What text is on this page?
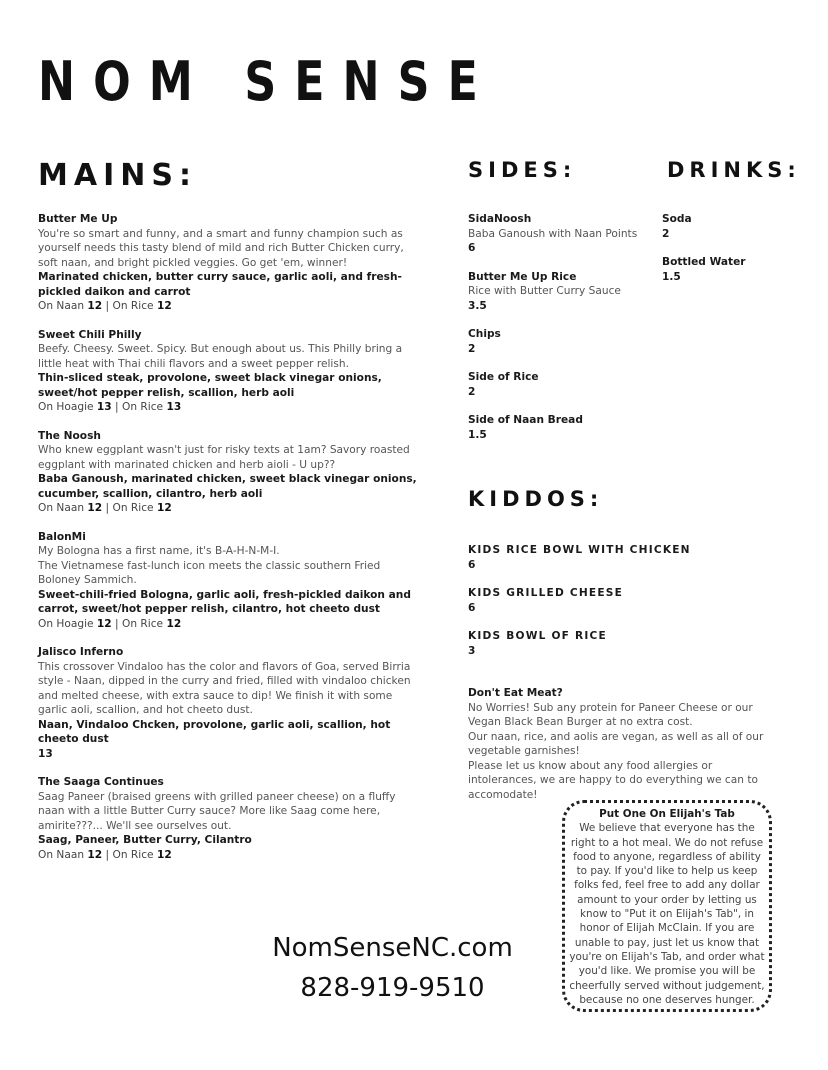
NOM SENSE
MAINS:	SIDES:	DRINKS:
KIDDOS:
Butter Me Up
You're so smart and funny, and a smart and funny champion such as yourself needs this tasty blend of mild and rich Butter Chicken curry, soft naan, and bright pickled veggies. Go get 'em, winner!
Marinated chicken, butter curry sauce, garlic aoli, and fresh-pickled daikon and carrot
On Naan 12 | On Rice 12
Sweet Chili Philly
Beefy. Cheesy. Sweet. Spicy. But enough about us. This Philly bring a little heat with Thai chili flavors and a sweet pepper relish.
Thin-sliced steak, provolone, sweet black vinegar onions, sweet/hot pepper relish, scallion, herb aoli
On Hoagie 13 | On Rice 13
The Noosh
Who knew eggplant wasn't just for risky texts at 1am? Savory roasted eggplant with marinated chicken and herb aioli - U up??
Baba Ganoush, marinated chicken, sweet black vinegar onions, cucumber, scallion, cilantro, herb aoli
On Naan 12 | On Rice 12
BalonMi
My Bologna has a first name, it's B-A-H-N-M-I.
The Vietnamese fast-lunch icon meets the classic southern Fried Boloney Sammich.
Sweet-chili-fried Bologna, garlic aoli, fresh-pickled daikon and carrot, sweet/hot pepper relish, cilantro, hot cheeto dust
On Hoagie 12 | On Rice 12
Jalisco Inferno
This crossover Vindaloo has the color and flavors of Goa, served Birria style - Naan, dipped in the curry and fried, filled with vindaloo chicken and melted cheese, with extra sauce to dip! We finish it with some garlic aoli, scallion, and hot cheeto dust.
Naan, Vindaloo Chcken, provolone, garlic aoli, scallion, hot cheeto dust
13
The Saaga Continues
Saag Paneer (braised greens with grilled paneer cheese) on a fluffy naan with a little Butter Curry sauce? More like Saag come here, amirite???... We'll see ourselves out.
Saag, Paneer, Butter Curry, Cilantro
On Naan 12 | On Rice 12
SidaNoosh
Baba Ganoush with Naan Points
6
Butter Me Up Rice
Rice with Butter Curry Sauce
3.5
Chips
2
Side of Rice
2
Side of Naan Bread
1.5
Soda
2
Bottled Water
1.5
KIDS RICE BOWL WITH CHICKEN
6
KIDS GRILLED CHEESE
6
KIDS BOWL OF RICE
3
Don't Eat Meat?
No Worries! Sub any protein for Paneer Cheese or our Vegan Black Bean Burger at no extra cost.
Our naan, rice, and aolis are vegan, as well as all of our vegetable garnishes!
Please let us know about any food allergies or intolerances, we are happy to do everything we can to accomodate!
Put One On Elijah's Tab
We believe that everyone has the right to a hot meal. We do not refuse food to anyone, regardless of ability to pay. If you'd like to help us keep folks fed, feel free to add any dollar amount to your order by letting us know to "Put it on Elijah's Tab", in honor of Elijah McClain. If you are unable to pay, just let us know that you're on Elijah's Tab, and order what you'd like. We promise you will be cheerfully served without judgement, because no one deserves hunger.
NomSenseNC.com
828-919-9510
